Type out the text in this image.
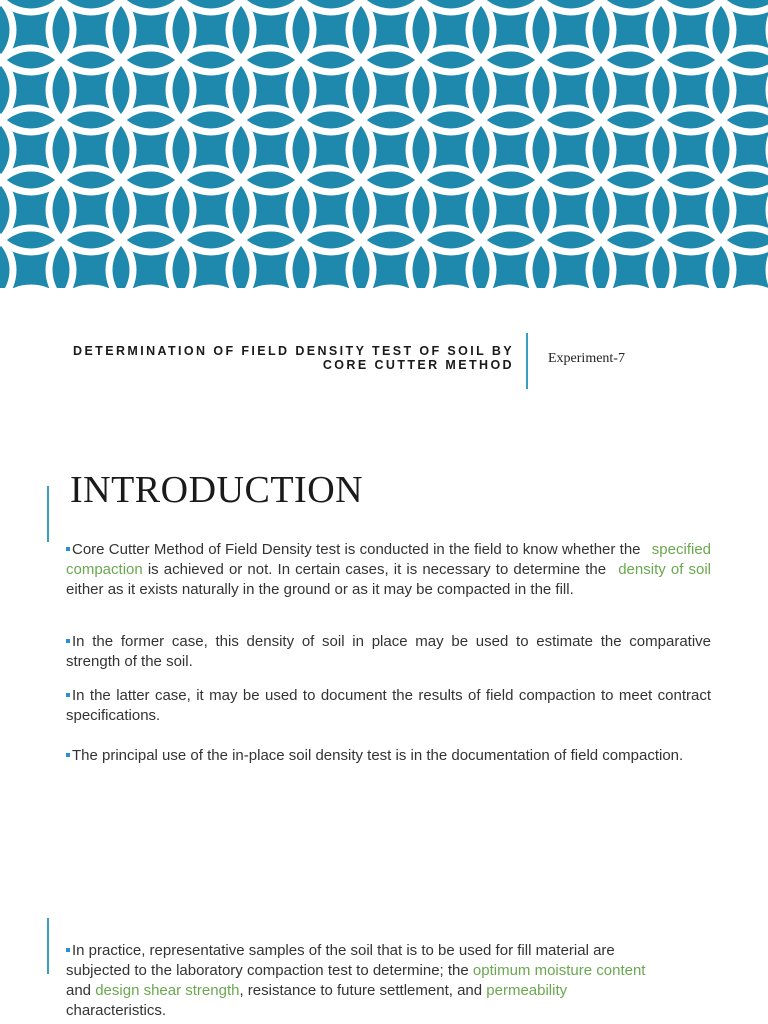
DETERMINATION OF FIELD DENSITY TEST OF SOIL BY
CORE CUTTER METHOD Experiment-7
INTRODUCTION
Core Cutter Method of Field Density test is conducted in the field to know whether the specified compaction is achieved or not. In certain cases, it is necessary to determine the density of soil either as it exists naturally in the ground or as it may be compacted in the fill.
In the former case, this density of soil in place may be used to estimate the comparative strength of the soil.
In the latter case, it may be used to document the results of field compaction to meet contract specifications.
The principal use of the in-place soil density test is in the documentation of field compaction.
In practice, representative samples of the soil that is to be used for fill material are subjected to the laboratory compaction test to determine; the optimum moisture content and design shear strength, resistance to future settlement, and permeability characteristics.
